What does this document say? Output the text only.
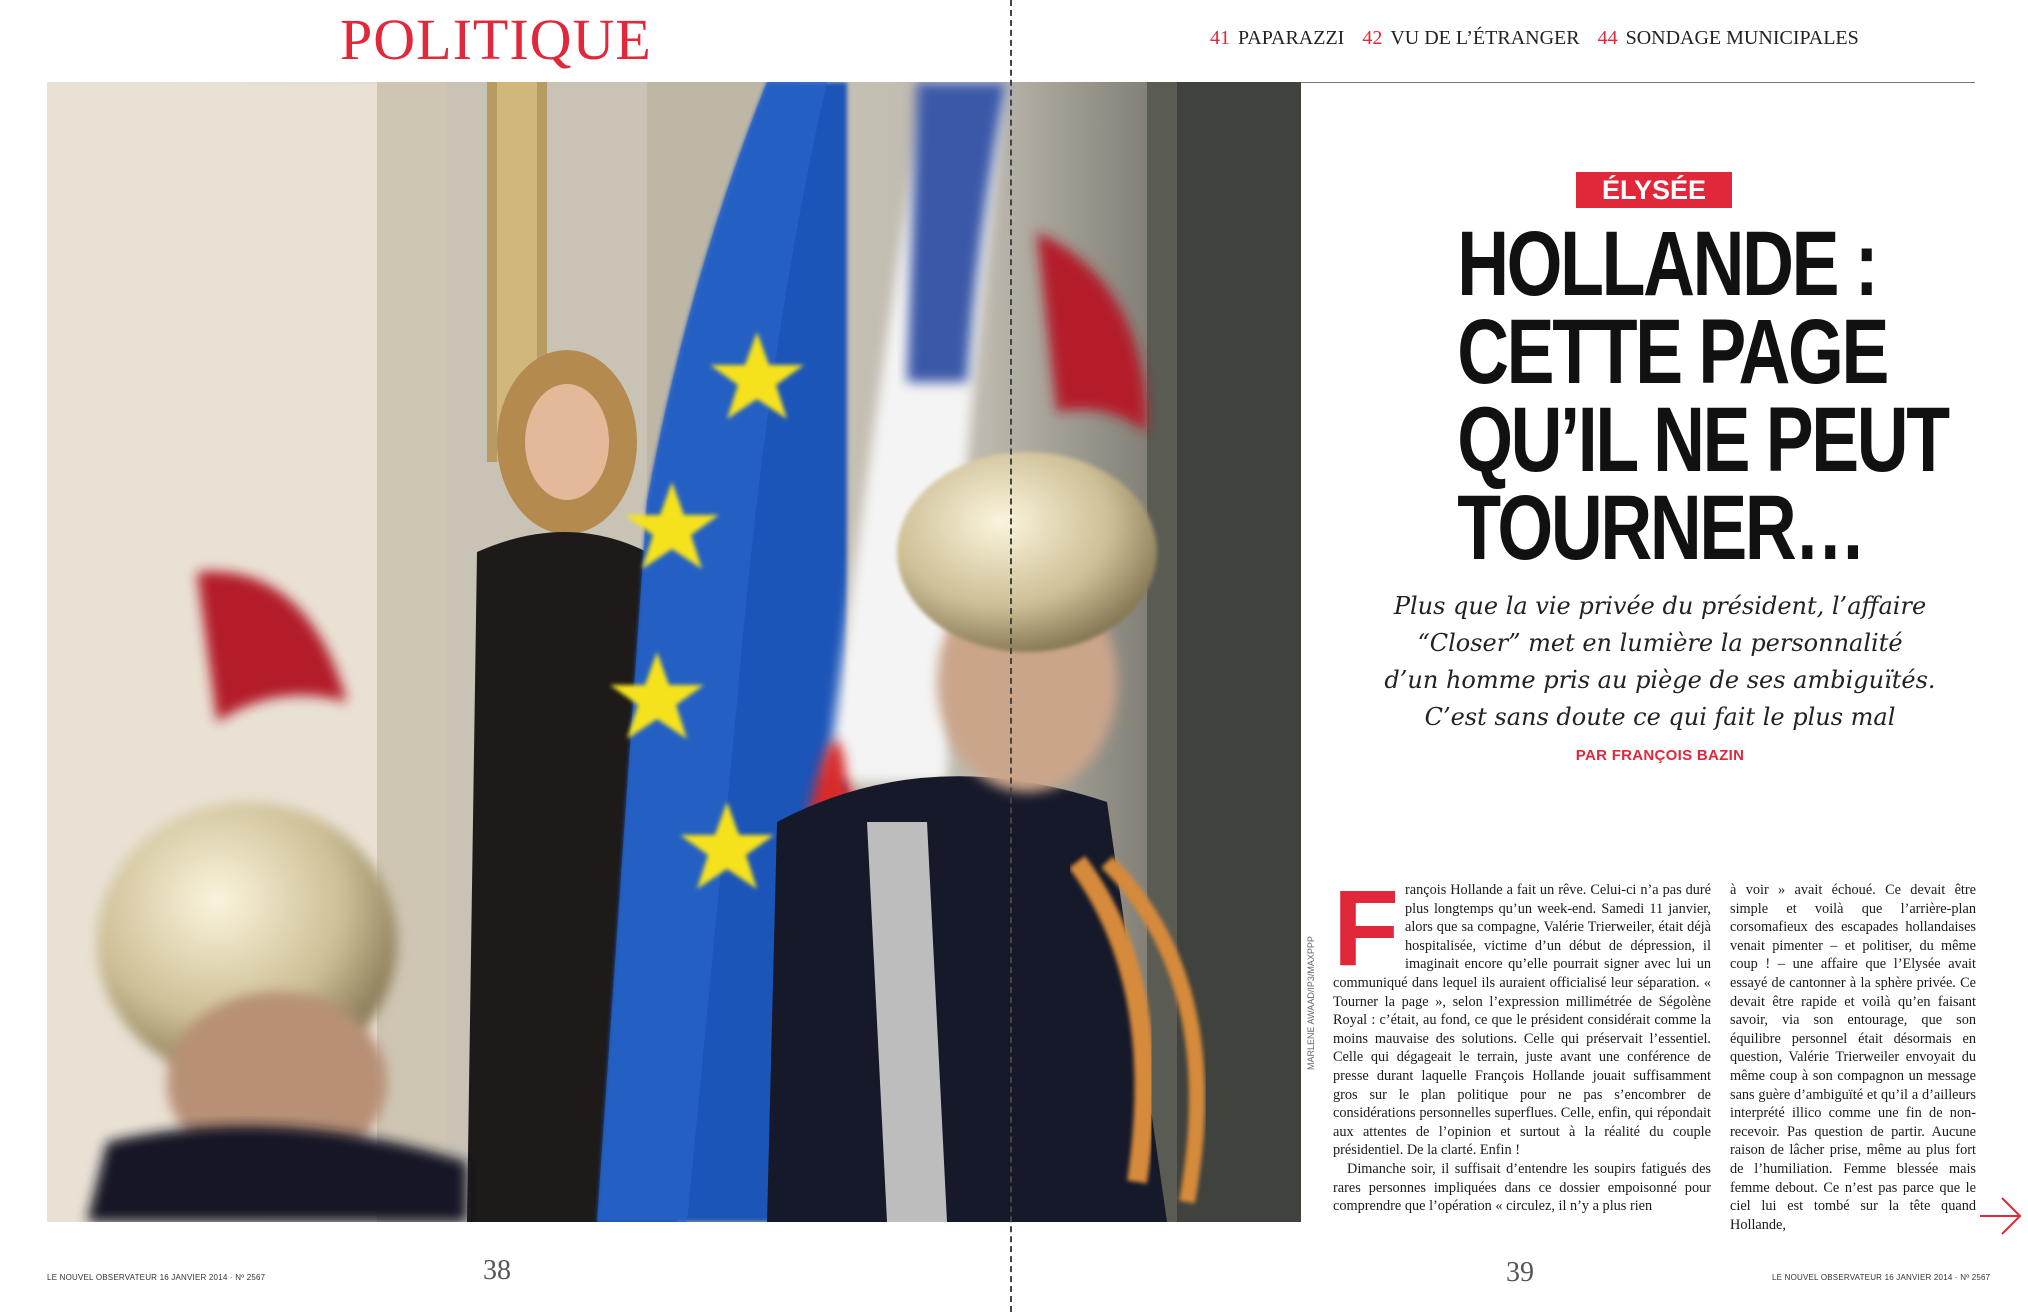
POLITIQUE	41 PAPARAZZI 42 VU DE L’ÉTRANGER 44 SONDAGE MUNICIPALES
MARLENE AWAAD/IP3/MAXPPP
ÉLYSÉE
HOLLANDE :
CETTE PAGE
QU’IL NE PEUT
TOURNER…
Plus que la vie privée du président, l’affaire
“Closer” met en lumière la personnalité
d’un homme pris au piège de ses ambiguïtés.
C’est sans doute ce qui fait le plus mal
PAR FRANÇOIS BAZIN
F rançois Hollande a fait un rêve. Celui-ci n’a pas duré plus longtemps qu’un week-end. Samedi 11 janvier, alors que sa compagne, Valérie Trierweiler, était déjà hospitalisée, victime d’un début de dépression, il imaginait encore qu’elle pourrait signer avec lui un communiqué dans lequel ils auraient officialisé leur séparation. « Tourner la page », selon l’expression millimétrée de Ségolène Royal : c’était, au fond, ce que le président considérait comme la moins mauvaise des solutions. Celle qui préservait l’essentiel. Celle qui dégageait le terrain, juste avant une conférence de presse durant laquelle François Hollande jouait suffisamment gros sur le plan politique pour ne pas s’encombrer de considérations personnelles superflues. Celle, enfin, qui répondait aux attentes de l’opinion et surtout à la réalité du couple présidentiel. De la clarté. Enfin !

Dimanche soir, il suffisait d’entendre les soupirs fatigués des rares personnes impliquées dans ce dossier empoisonné pour comprendre que l’opération « circulez, il n’y a plus rien

à voir » avait échoué. Ce devait être simple et voilà que l’arrière-plan corsomafieux des escapades hollandaises venait pimenter – et politiser, du même coup ! – une affaire que l’Elysée avait essayé de cantonner à la sphère privée. Ce devait être rapide et voilà qu’en faisant savoir, via son entourage, que son équilibre personnel était désormais en question, Valérie Trierweiler envoyait du même coup à son compagnon un message sans guère d’ambiguïté et qu’il a d’ailleurs interprété illico comme une fin de non-recevoir. Pas question de partir. Aucune raison de lâcher prise, même au plus fort de l’humiliation. Femme blessée mais femme debout. Ce n’est pas parce que le ciel lui est tombé sur la tête quand Hollande,

LE NOUVEL OBSERVATEUR 16 JANVIER 2014 · Nº 2567	38	39	LE NOUVEL OBSERVATEUR 16 JANVIER 2014 · Nº 2567
